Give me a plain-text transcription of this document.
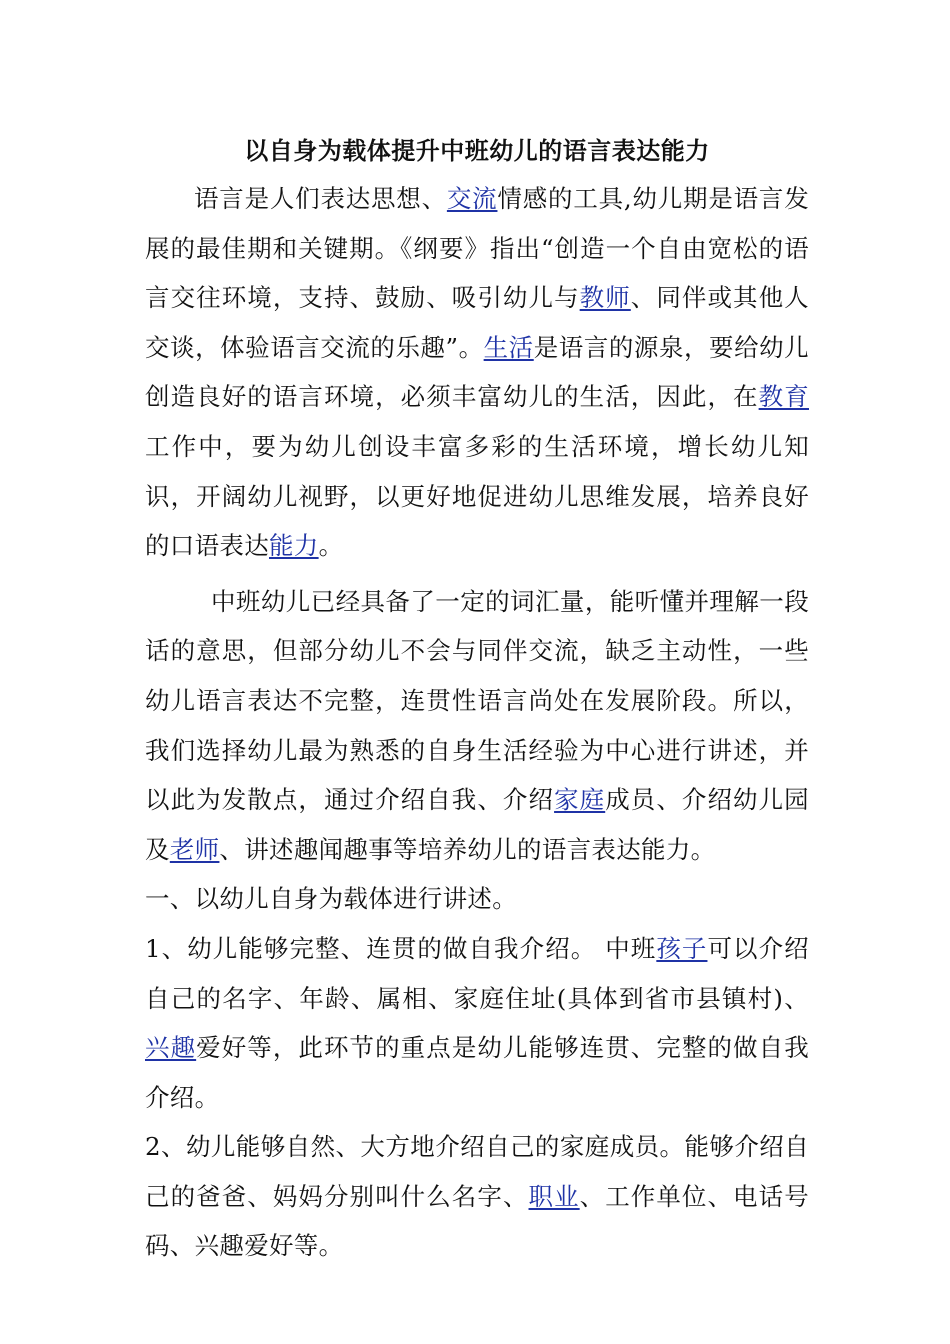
以自身为载体提升中班幼儿的语言表达能力

语言是人们表达思想、交流情感的工具,幼儿期是语言发展的最佳期和关键期。《纲要》指出“创造一个自由宽松的语言交往环境，支持、鼓励、吸引幼儿与教师、同伴或其他人交谈，体验语言交流的乐趣”。生活是语言的源泉，要给幼儿创造良好的语言环境，必须丰富幼儿的生活，因此，在教育工作中，要为幼儿创设丰富多彩的生活环境，增长幼儿知识，开阔幼儿视野，以更好地促进幼儿思维发展，培养良好的口语表达能力。

中班幼儿已经具备了一定的词汇量，能听懂并理解一段话的意思，但部分幼儿不会与同伴交流，缺乏主动性，一些幼儿语言表达不完整，连贯性语言尚处在发展阶段。所以，我们选择幼儿最为熟悉的自身生活经验为中心进行讲述，并以此为发散点，通过介绍自我、介绍家庭成员、介绍幼儿园及老师、讲述趣闻趣事等培养幼儿的语言表达能力。

一、以幼儿自身为载体进行讲述。

1、幼儿能够完整、连贯的做自我介绍。 中班孩子可以介绍自己的名字、年龄、属相、家庭住址(具体到省市县镇村)、兴趣爱好等，此环节的重点是幼儿能够连贯、完整的做自我介绍。

2、幼儿能够自然、大方地介绍自己的家庭成员。能够介绍自己的爸爸、妈妈分别叫什么名字、职业、工作单位、电话号码、兴趣爱好等。
